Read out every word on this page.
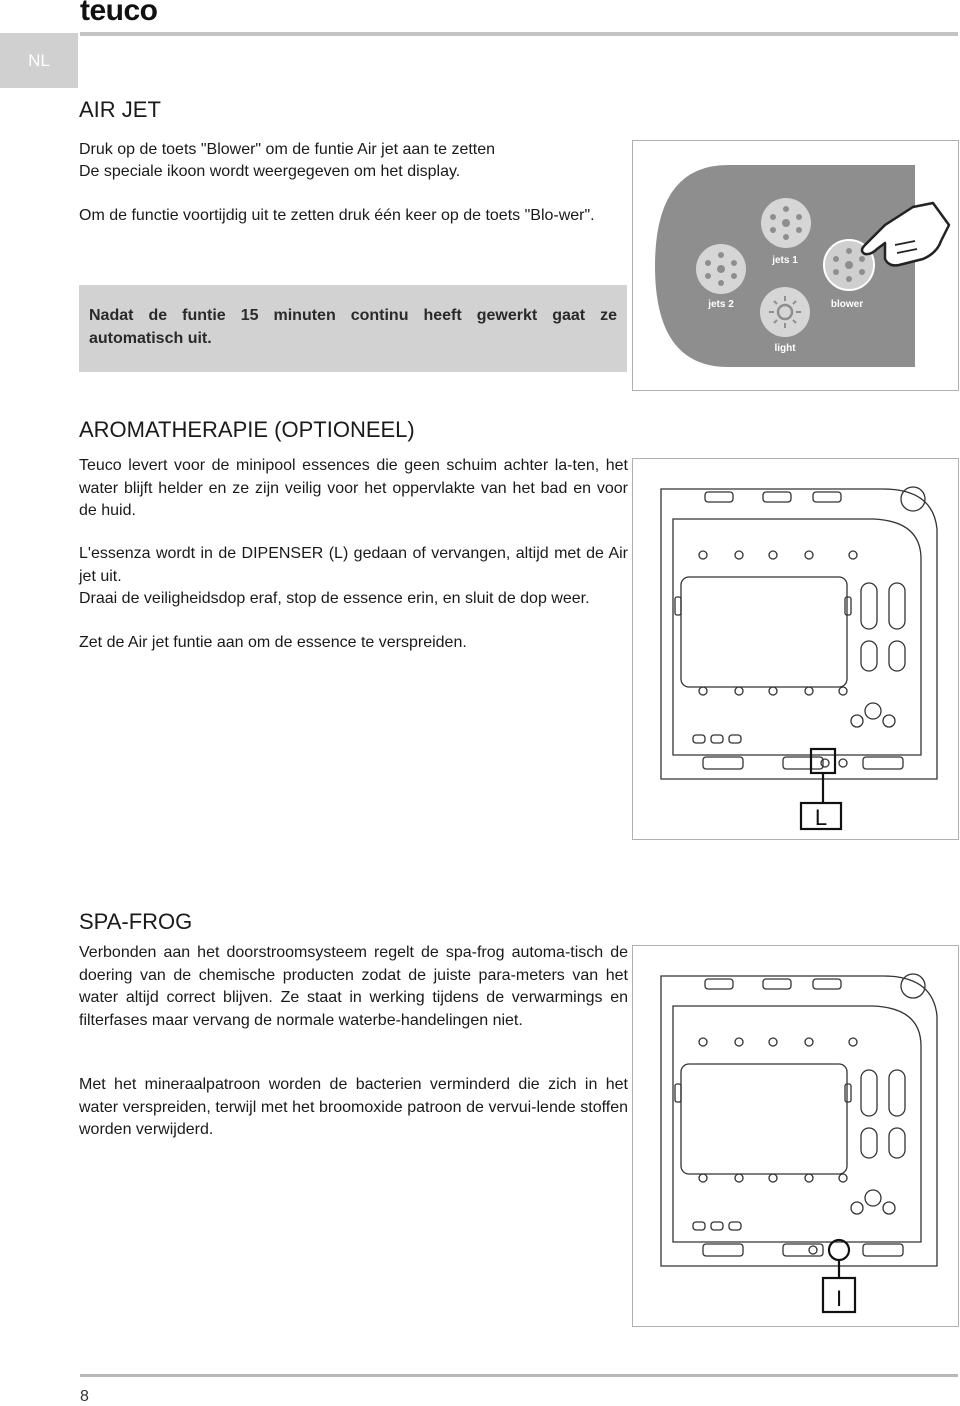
teuco
NL
AIR JET

Druk op de toets "Blower" om de funtie Air jet aan te zetten

De speciale ikoon wordt weergegeven om het display.

Om de functie voortijdig uit te zetten druk één keer op de toets "Blo-wer".

Nadat de funtie 15 minuten continu heeft gewerkt gaat ze automatisch uit.

jets 1
jets 2	blower
light
AROMATHERAPIE (OPTIONEEL)

Teuco levert voor de minipool essences die geen schuim achter la-ten, het water blijft helder en ze zijn veilig voor het oppervlakte van het bad en voor de huid.

L'essenza wordt in de DIPENSER (L) gedaan of vervangen, altijd met de Air jet uit.

Draai de veiligheidsdop eraf, stop de essence erin, en sluit de dop weer.

Zet de Air jet funtie aan om de essence te verspreiden.

L
SPA-FROG

Verbonden aan het doorstroomsysteem regelt de spa-frog automa-tisch de doering van de chemische producten zodat de juiste para-meters van het water altijd correct blijven. Ze staat in werking tijdens de verwarmings en filterfases maar vervang de normale waterbe-handelingen niet.

Met het mineraalpatroon worden de bacterien verminderd die zich in het water verspreiden, terwijl met het broomoxide patroon de vervui-lende stoffen worden verwijderd.

I
8
